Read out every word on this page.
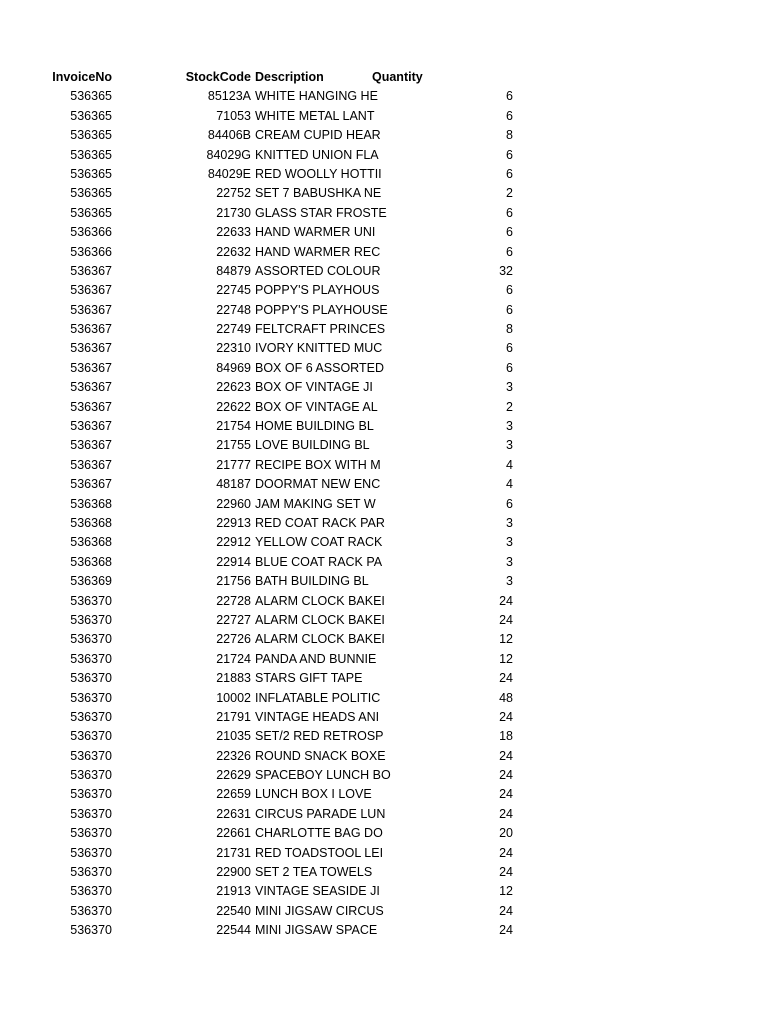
InvoiceNo	StockCode Description	Quantity
536365	85123A WHITE HANGING HE	6
536365	71053 WHITE METAL LANT	6
536365	84406B CREAM CUPID HEAR	8
536365	84029G KNITTED UNION FLA	6
536365	84029E RED WOOLLY HOTTII	6
536365	22752 SET 7 BABUSHKA NE	2
536365	21730 GLASS STAR FROSTE	6
536366	22633 HAND WARMER UNI	6
536366	22632 HAND WARMER REC	6
536367	84879 ASSORTED COLOUR	32
536367	22745 POPPY'S PLAYHOUS	6
536367	22748 POPPY'S PLAYHOUSE	6
536367	22749 FELTCRAFT PRINCES	8
536367	22310 IVORY KNITTED MUC	6
536367	84969 BOX OF 6 ASSORTED	6
536367	22623 BOX OF VINTAGE JI	3
536367	22622 BOX OF VINTAGE AL	2
536367	21754 HOME BUILDING BL	3
536367	21755 LOVE BUILDING BL	3
536367	21777 RECIPE BOX WITH M	4
536367	48187 DOORMAT NEW ENC	4
536368	22960 JAM MAKING SET W	6
536368	22913 RED COAT RACK PAR	3
536368	22912 YELLOW COAT RACK	3
536368	22914 BLUE COAT RACK PA	3
536369	21756 BATH BUILDING BL	3
536370	22728 ALARM CLOCK BAKEI	24
536370	22727 ALARM CLOCK BAKEI	24
536370	22726 ALARM CLOCK BAKEI	12
536370	21724 PANDA AND BUNNIE	12
536370	21883 STARS GIFT TAPE	24
536370	10002 INFLATABLE POLITIC	48
536370	21791 VINTAGE HEADS ANI	24
536370	21035 SET/2 RED RETROSP	18
536370	22326 ROUND SNACK BOXE	24
536370	22629 SPACEBOY LUNCH BO	24
536370	22659 LUNCH BOX I LOVE	24
536370	22631 CIRCUS PARADE LUN	24
536370	22661 CHARLOTTE BAG DO	20
536370	21731 RED TOADSTOOL LEI	24
536370	22900 SET 2 TEA TOWELS	24
536370	21913 VINTAGE SEASIDE JI	12
536370	22540 MINI JIGSAW CIRCUS	24
536370	22544 MINI JIGSAW SPACE	24
